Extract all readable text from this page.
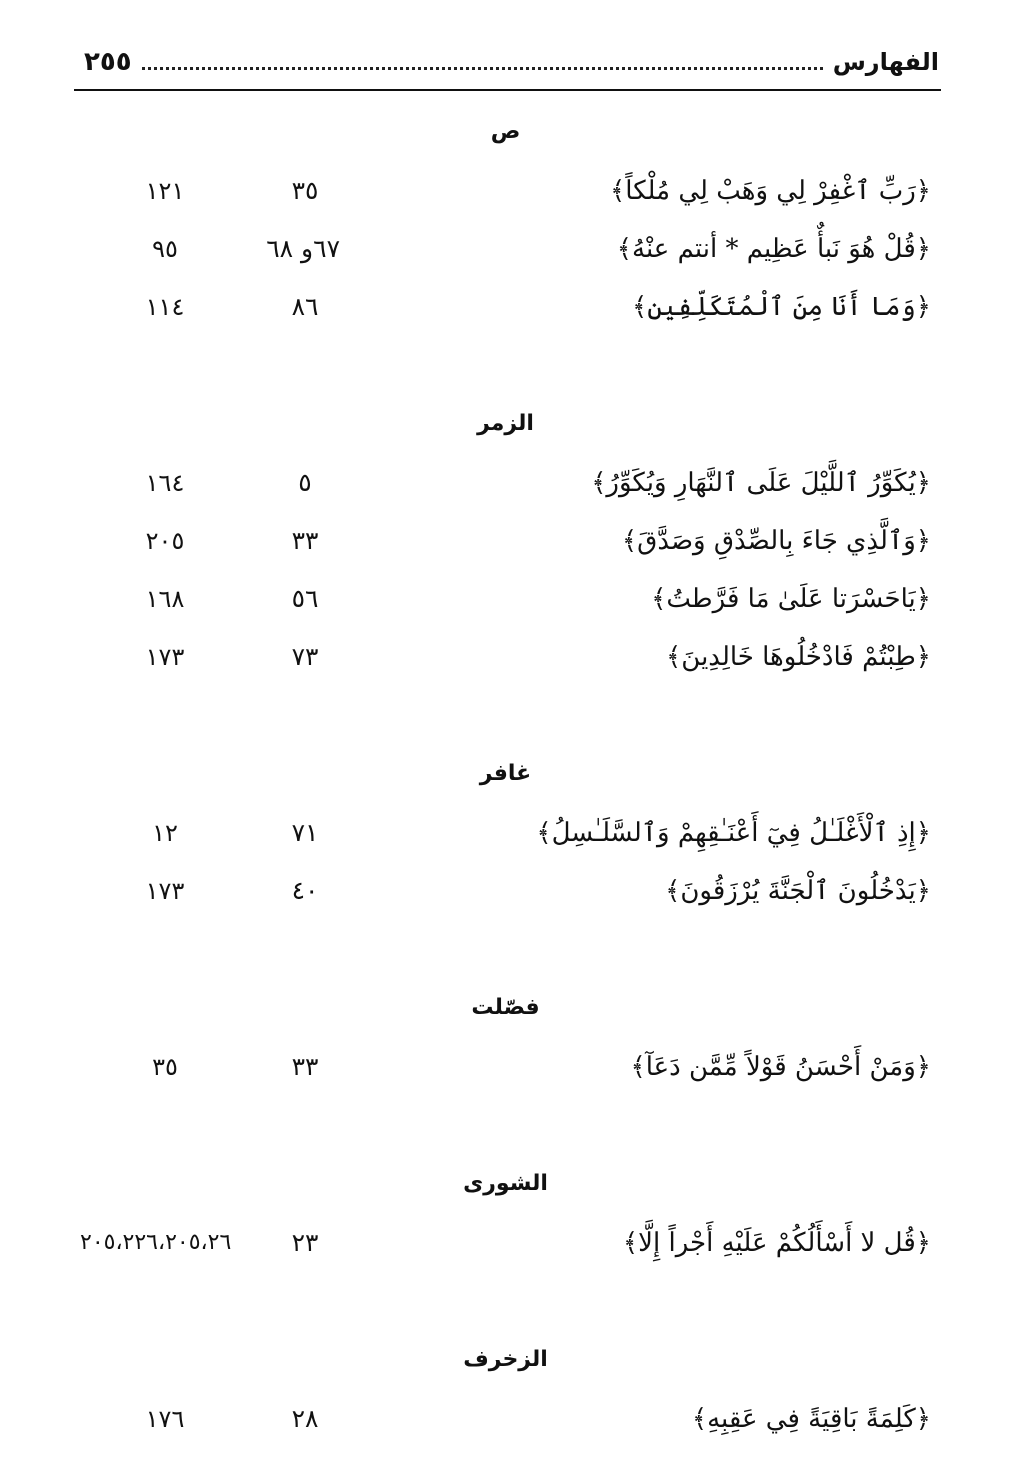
الفهارس
٢٥٥
ص
﴿رَبِّ ٱغْفِرْ لِي وَهَبْ لِي مُلْكاً﴾
٣٥
١٢١
﴿قُلْ هُوَ نَبأٌ عَظِيم * أنتم عنْهُ﴾
٦٧و ٦٨
٩٥
﴿وَمَا أَنَا مِنَ ٱلْمُتَكَلِّفِين﴾
٨٦
١١٤
الزمر
﴿يُكَوِّرُ ٱللَّيْلَ عَلَى ٱلنَّهَارِ وَيُكَوِّرُ﴾
٥
١٦٤
﴿وَٱلَّذِي جَاءَ بِالصِّدْقِ وَصَدَّقَ﴾
٣٣
٢٠٥
﴿يَاحَسْرَتا عَلَىٰ مَا فَرَّطتُ﴾
٥٦
١٦٨
﴿طِبْتُمْ فَادْخُلُوهَا خَالِدِينَ﴾
٧٣
١٧٣
غافر
﴿إِذِ ٱلْأَغْلَـٰلُ فِيٓ أَعْنَـٰقِهِمْ وَٱلسَّلَـٰسِلُ﴾
٧١
١٢
﴿يَدْخُلُونَ ٱلْجَنَّةَ يُرْزَقُونَ﴾
٤٠
١٧٣
فصّلت
﴿وَمَنْ أَحْسَنُ قَوْلاً مِّمَّن دَعَآ﴾
٣٣
٣٥
الشورى
﴿قُل لا أَسْأَلُكُمْ عَلَيْهِ أَجْراً إِلَّا﴾
٢٣
٢٠٥،٢٢٦،٢٠٥،٢٦
الزخرف
﴿كَلِمَةً بَاقِيَةً فِي عَقِبِهِ﴾
٢٨
١٧٦
